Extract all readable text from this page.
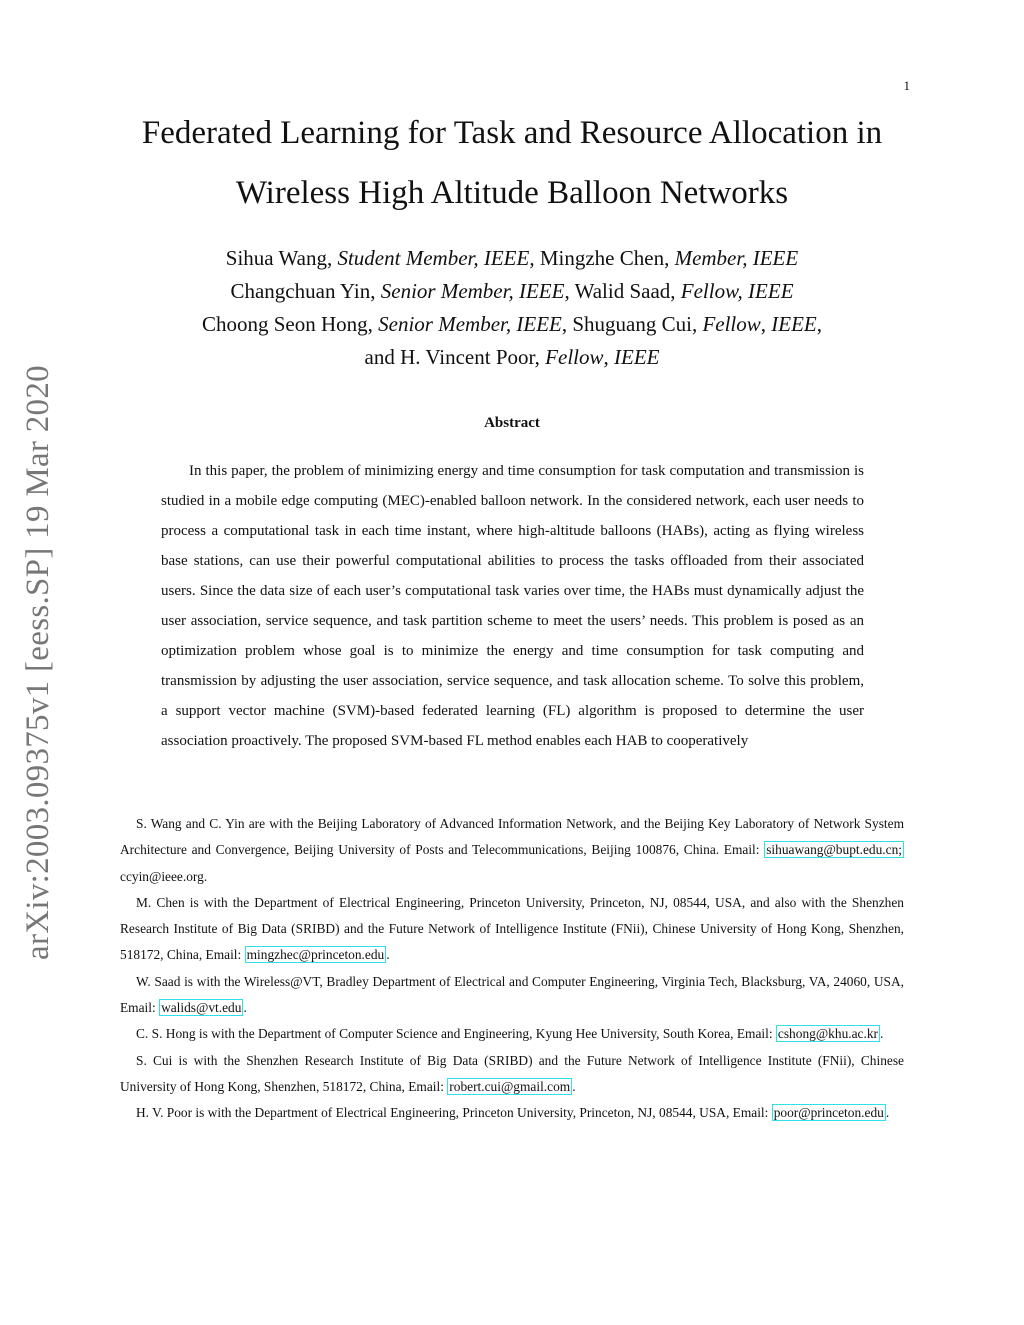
1
arXiv:2003.09375v1 [eess.SP] 19 Mar 2020
Federated Learning for Task and Resource Allocation in
Wireless High Altitude Balloon Networks
Sihua Wang, Student Member, IEEE, Mingzhe Chen, Member, IEEE
Changchuan Yin, Senior Member, IEEE, Walid Saad, Fellow, IEEE
Choong Seon Hong, Senior Member, IEEE, Shuguang Cui, Fellow, IEEE,
and H. Vincent Poor, Fellow, IEEE
Abstract

In this paper, the problem of minimizing energy and time consumption for task computation and transmission is studied in a mobile edge computing (MEC)-enabled balloon network. In the considered network, each user needs to process a computational task in each time instant, where high-altitude balloons (HABs), acting as flying wireless base stations, can use their powerful computational abilities to process the tasks offloaded from their associated users. Since the data size of each user’s computational task varies over time, the HABs must dynamically adjust the user association, service sequence, and task partition scheme to meet the users’ needs. This problem is posed as an optimization problem whose goal is to minimize the energy and time consumption for task computing and transmission by adjusting the user association, service sequence, and task allocation scheme. To solve this problem, a support vector machine (SVM)-based federated learning (FL) algorithm is proposed to determine the user association proactively. The proposed SVM-based FL method enables each HAB to cooperatively

S. Wang and C. Yin are with the Beijing Laboratory of Advanced Information Network, and the Beijing Key Laboratory of Network System Architecture and Convergence, Beijing University of Posts and Telecommunications, Beijing 100876, China. Email: sihuawang@bupt.edu.cn; ccyin@ieee.org.

M. Chen is with the Department of Electrical Engineering, Princeton University, Princeton, NJ, 08544, USA, and also with the Shenzhen Research Institute of Big Data (SRIBD) and the Future Network of Intelligence Institute (FNii), Chinese University of Hong Kong, Shenzhen, 518172, China, Email: mingzhec@princeton.edu .

W. Saad is with the Wireless@VT, Bradley Department of Electrical and Computer Engineering, Virginia Tech, Blacksburg, VA, 24060, USA, Email: walids@vt.edu .

C. S. Hong is with the Department of Computer Science and Engineering, Kyung Hee University, South Korea, Email: cshong@khu.ac.kr .

S. Cui is with the Shenzhen Research Institute of Big Data (SRIBD) and the Future Network of Intelligence Institute (FNii), Chinese University of Hong Kong, Shenzhen, 518172, China, Email: robert.cui@gmail.com .

H. V. Poor is with the Department of Electrical Engineering, Princeton University, Princeton, NJ, 08544, USA, Email: poor@princeton.edu .
